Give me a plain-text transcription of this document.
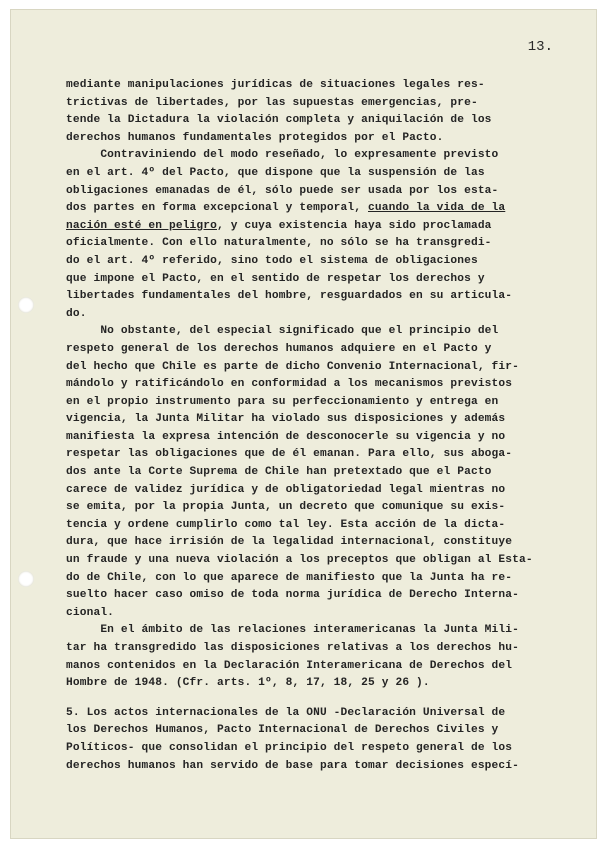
13.
mediante manipulaciones jurídicas de situaciones legales res-
trictivas de libertades, por las supuestas emergencias, pre-
tende la Dictadura la violación completa y aniquilación de los
derechos humanos fundamentales protegidos por el Pacto.
Contraviniendo del modo reseñado, lo expresamente previsto
en el art. 4º del Pacto, que dispone que la suspensión de las
obligaciones emanadas de él, sólo puede ser usada por los esta-
dos partes en forma excepcional y temporal, cuando la vida de la
nación esté en peligro, y cuya existencia haya sido proclamada
oficialmente. Con ello naturalmente, no sólo se ha transgredi-
do el art. 4º referido, sino todo el sistema de obligaciones
que impone el Pacto, en el sentido de respetar los derechos y
libertades fundamentales del hombre, resguardados en su articula-
do.
No obstante, del especial significado que el principio del
respeto general de los derechos humanos adquiere en el Pacto y
del hecho que Chile es parte de dicho Convenio Internacional, fir-
mándolo y ratificándolo en conformidad a los mecanismos previstos
en el propio instrumento para su perfeccionamiento y entrega en
vigencia, la Junta Militar ha violado sus disposiciones y además
manifiesta la expresa intención de desconocerle su vigencia y no
respetar las obligaciones que de él emanan. Para ello, sus aboga-
dos ante la Corte Suprema de Chile han pretextado que el Pacto
carece de validez jurídica y de obligatoriedad legal mientras no
se emita, por la propia Junta, un decreto que comunique su exis-
tencia y ordene cumplirlo como tal ley. Esta acción de la dicta-
dura, que hace irrisión de la legalidad internacional, constituye
un fraude y una nueva violación a los preceptos que obligan al Esta-
do de Chile, con lo que aparece de manifiesto que la Junta ha re-
suelto hacer caso omiso de toda norma jurídica de Derecho Interna-
cional.
En el ámbito de las relaciones interamericanas la Junta Mili-
tar ha transgredido las disposiciones relativas a los derechos hu-
manos contenidos en la Declaración Interamericana de Derechos del
Hombre de 1948. (Cfr. arts. 1º, 8, 17, 18, 25 y 26 ).
5. Los actos internacionales de la ONU -Declaración Universal de
los Derechos Humanos, Pacto Internacional de Derechos Civiles y
Políticos- que consolidan el principio del respeto general de los
derechos humanos han servido de base para tomar decisiones especí-
